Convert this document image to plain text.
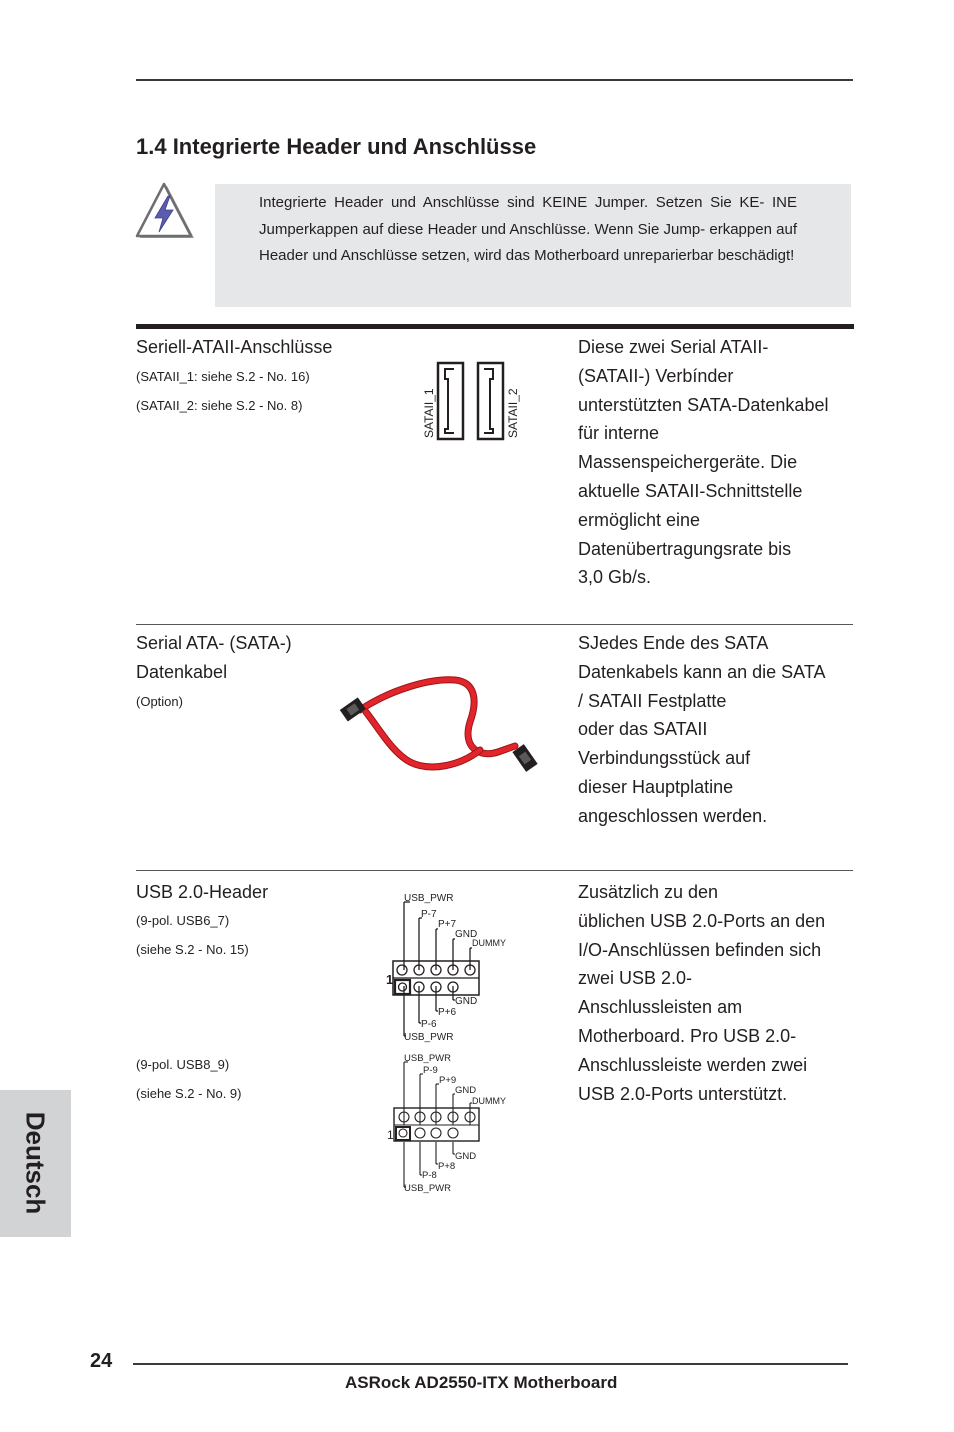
1.4 Integrierte Header und Anschlüsse
Integrierte Header und Anschlüsse sind KEINE Jumper. Setzen Sie KE- INE Jumperkappen auf diese Header und Anschlüsse. Wenn Sie Jump- erkappen auf Header und Anschlüsse setzen, wird das Motherboard unreparierbar beschädigt!
Seriell-ATAII-Anschlüsse
(SATAII_1: siehe S.2 - No. 16)
(SATAII_2: siehe S.2 - No. 8)	SATAII_1	SATAII_2
Diese zwei Serial ATAII-
(SATAII-) Verbínder
unterstützten SATA-Datenkabel
für interne
Massenspeichergeräte. Die
aktuelle SATAII-Schnittstelle
ermöglicht eine
Datenübertragungsrate bis
3,0 Gb/s.
Serial ATA- (SATA-)
Datenkabel
(Option)
SJedes Ende des SATA
Datenkabels kann an die SATA
/ SATAII Festplatte
oder das SATAII
Verbindungsstück auf
dieser Hauptplatine
angeschlossen werden.
USB 2.0-Header
(9-pol. USB6_7)
(siehe S.2 - No. 15)
(9-pol. USB8_9)
(siehe S.2 - No. 9)
USB_PWR
P-7
P+7
GND
DUMMY
GND
P+6
P-6
USB_PWR
1
USB_PWR
P-9
P+9
GND
DUMMY
GND
P+8
P-8
USB_PWR
1
Zusätzlich zu den
üblichen USB 2.0-Ports an den
I/O-Anschlüssen befinden sich
zwei USB 2.0-
Anschlussleisten am
Motherboard. Pro USB 2.0-
Anschlussleiste werden zwei
USB 2.0-Ports unterstützt.
Deutsch
24
ASRock AD2550-ITX Motherboard
